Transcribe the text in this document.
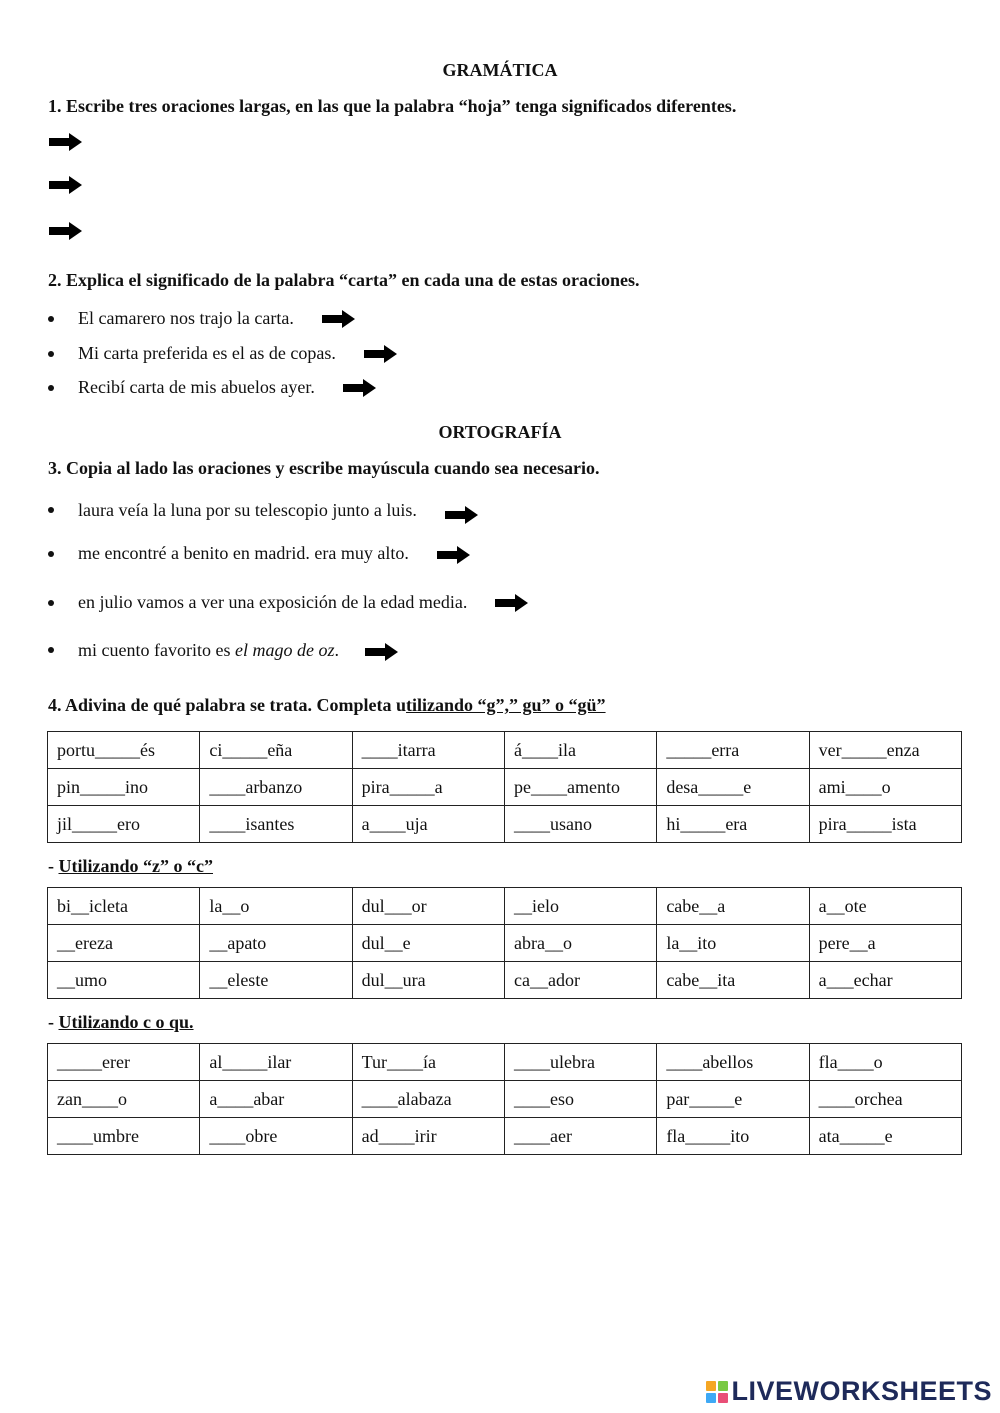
GRAMÁTICA
1. Escribe tres oraciones largas, en las que la palabra “hoja” tenga significados diferentes.
2. Explica el significado de la palabra “carta” en cada una de estas oraciones.
El camarero nos trajo la carta.
Mi carta preferida es el as de copas.
Recibí carta de mis abuelos ayer.
ORTOGRAFÍA
3. Copia al lado las oraciones y escribe mayúscula cuando sea necesario.
laura veía la luna por su telescopio junto a luis.
me encontré a benito en madrid. era muy alto.
en julio vamos a ver una exposición de la edad media.
mi cuento favorito es el mago de oz.
4. Adivina de qué palabra se trata. Completa utilizando “g”,” gu” o “gü”
portu_____és	ci_____eña	____itarra	á____ila	_____erra	ver_____enza
pin_____ino	____arbanzo	pira_____a	pe____amento	desa_____e	ami____o
jil_____ero	____isantes	a____uja	____usano	hi_____era	pira_____ista
- Utilizando “z” o “c”
bi__icleta	la__o	dul___or	__ielo	cabe__a	a__ote
__ereza	__apato	dul__e	abra__o	la__ito	pere__a
__umo	__eleste	dul__ura	ca__ador	cabe__ita	a___echar
- Utilizando c o qu.
_____erer	al_____ilar	Tur____ía	____ulebra	____abellos	fla____o
zan____o	a____abar	____alabaza	____eso	par_____e	____orchea
____umbre	____obre	ad____irir	____aer	fla_____ito	ata_____e
LIVEWORKSHEETS
